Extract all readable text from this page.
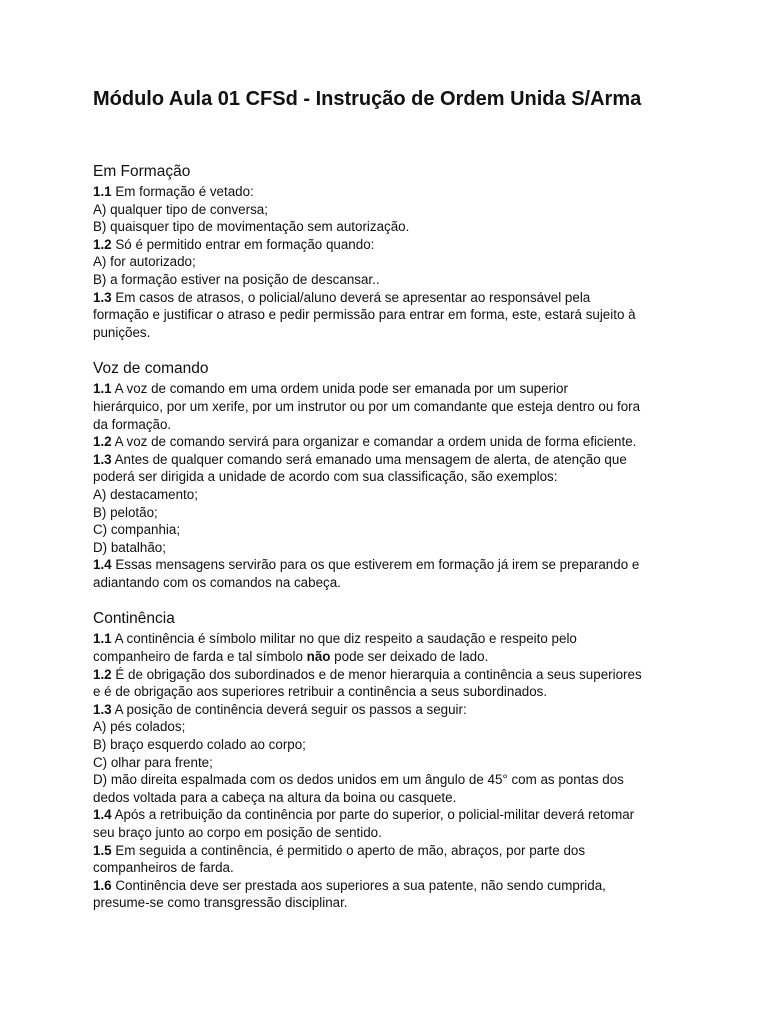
Módulo Aula 01 CFSd - Instrução de Ordem Unida S/Arma
Em Formação
1.1 Em formação é vetado:
A) qualquer tipo de conversa;
B) quaisquer tipo de movimentação sem autorização.
1.2 Só é permitido entrar em formação quando:
A) for autorizado;
B) a formação estiver na posição de descansar..
1.3 Em casos de atrasos, o policial/aluno deverá se apresentar ao responsável pela
formação e justificar o atraso e pedir permissão para entrar em forma, este, estará sujeito à
punições.
Voz de comando
1.1 A voz de comando em uma ordem unida pode ser emanada por um superior
hierárquico, por um xerife, por um instrutor ou por um comandante que esteja dentro ou fora
da formação.
1.2 A voz de comando servirá para organizar e comandar a ordem unida de forma eficiente.
1.3 Antes de qualquer comando será emanado uma mensagem de alerta, de atenção que
poderá ser dirigida a unidade de acordo com sua classificação, são exemplos:
A) destacamento;
B) pelotão;
C) companhia;
D) batalhão;
1.4 Essas mensagens servirão para os que estiverem em formação já irem se preparando e
adiantando com os comandos na cabeça.
Continência
1.1 A continência é símbolo militar no que diz respeito a saudação e respeito pelo
companheiro de farda e tal símbolo não pode ser deixado de lado.
1.2 É de obrigação dos subordinados e de menor hierarquia a continência a seus superiores
e é de obrigação aos superiores retribuir a continência a seus subordinados.
1.3 A posição de continência deverá seguir os passos a seguir:
A) pés colados;
B) braço esquerdo colado ao corpo;
C) olhar para frente;
D) mão direita espalmada com os dedos unidos em um ângulo de 45° com as pontas dos
dedos voltada para a cabeça na altura da boina ou casquete.
1.4 Após a retribuição da continência por parte do superior, o policial-militar deverá retomar
seu braço junto ao corpo em posição de sentido.
1.5 Em seguida a continência, é permitido o aperto de mão, abraços, por parte dos
companheiros de farda.
1.6 Continência deve ser prestada aos superiores a sua patente, não sendo cumprida,
presume-se como transgressão disciplinar.
